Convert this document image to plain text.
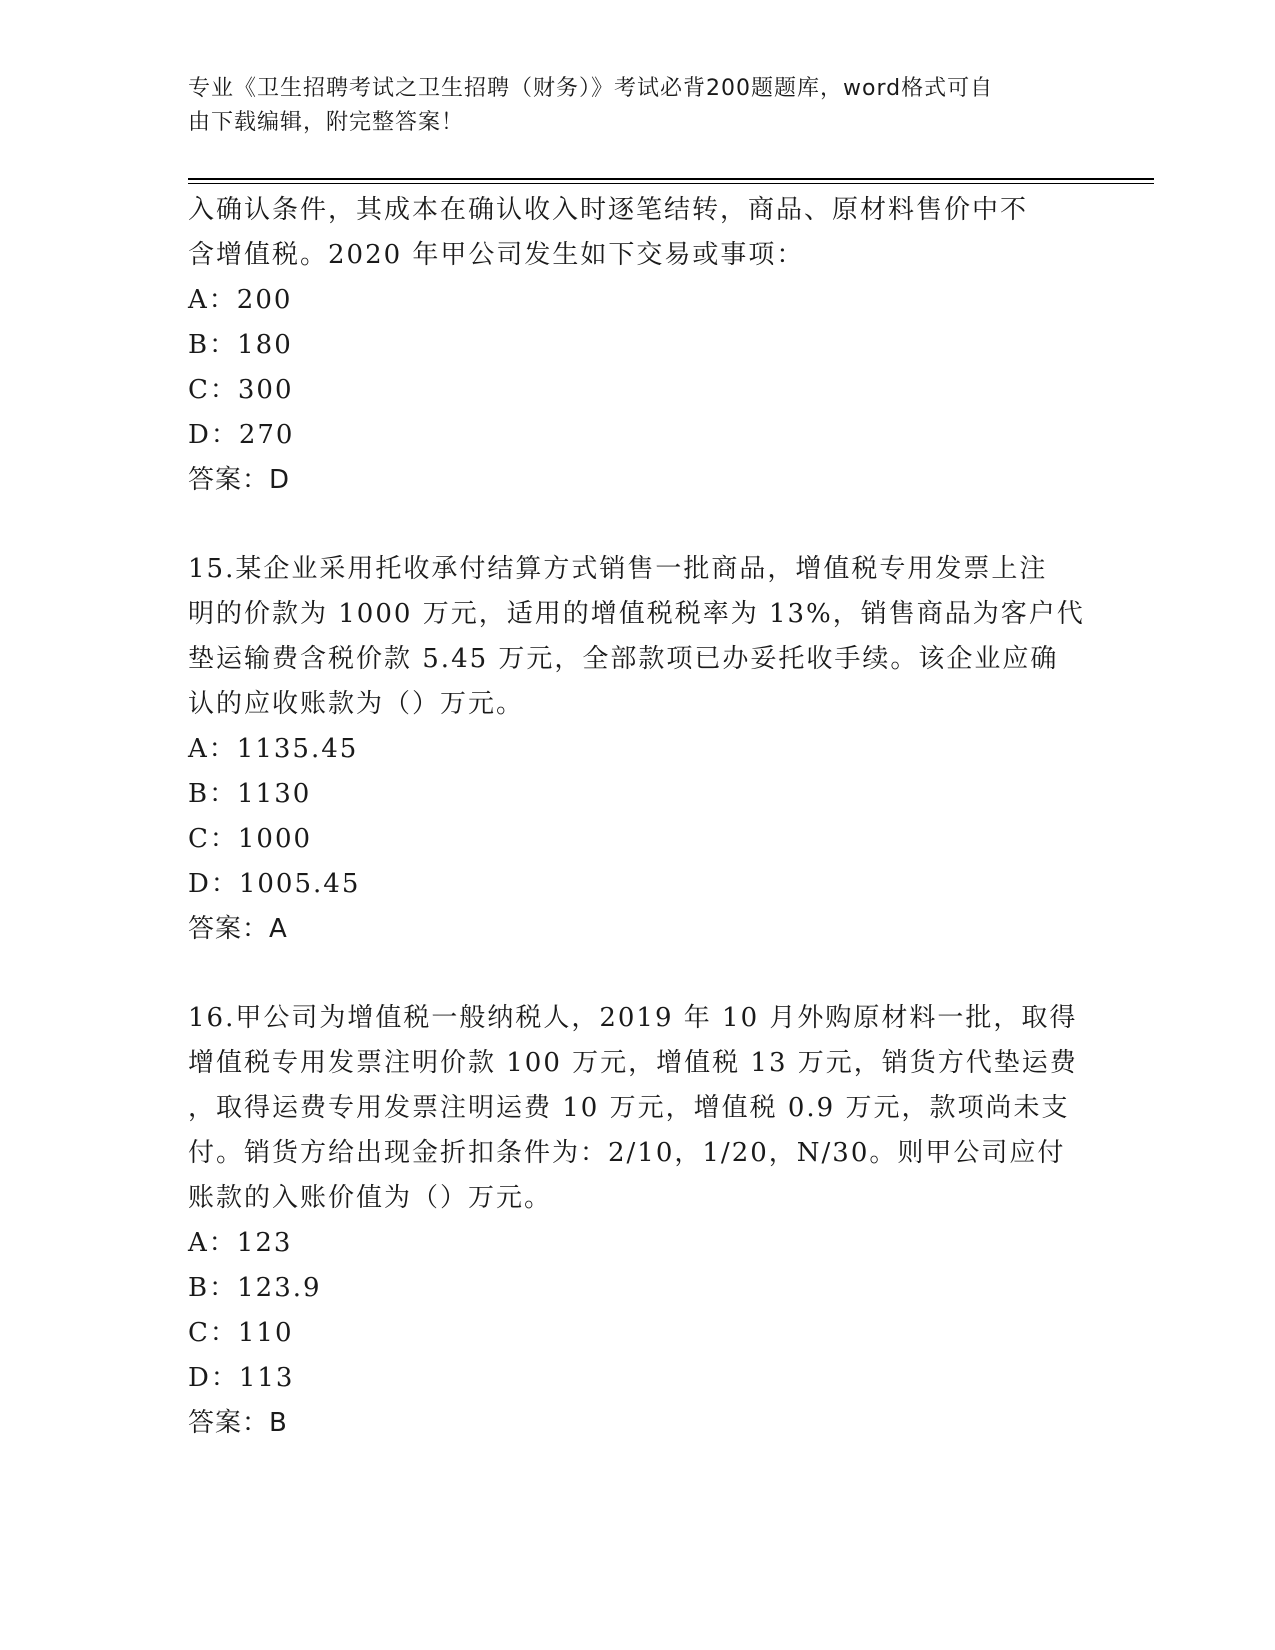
专业《卫生招聘考试之卫生招聘（财务）》考试必背200题题库，word格式可自
由下载编辑，附完整答案！

入确认条件，其成本在确认收入时逐笔结转，商品、原材料售价中不
含增值税。2020 年甲公司发生如下交易或事项：

A：200

B：180

C：300

D：270

答案：D

15.某企业采用托收承付结算方式销售一批商品，增值税专用发票上注
明的价款为 1000 万元，适用的增值税税率为 13%，销售商品为客户代
垫运输费含税价款 5.45 万元，全部款项已办妥托收手续。该企业应确
认的应收账款为（）万元。

A：1135.45

B：1130

C：1000

D：1005.45

答案：A

16.甲公司为增值税一般纳税人，2019 年 10 月外购原材料一批，取得
增值税专用发票注明价款 100 万元，增值税 13 万元，销货方代垫运费
，取得运费专用发票注明运费 10 万元，增值税 0.9 万元，款项尚未支
付。销货方给出现金折扣条件为：2/10，1/20，N/30。则甲公司应付
账款的入账价值为（）万元。

A：123

B：123.9

C：110

D：113

答案：B
